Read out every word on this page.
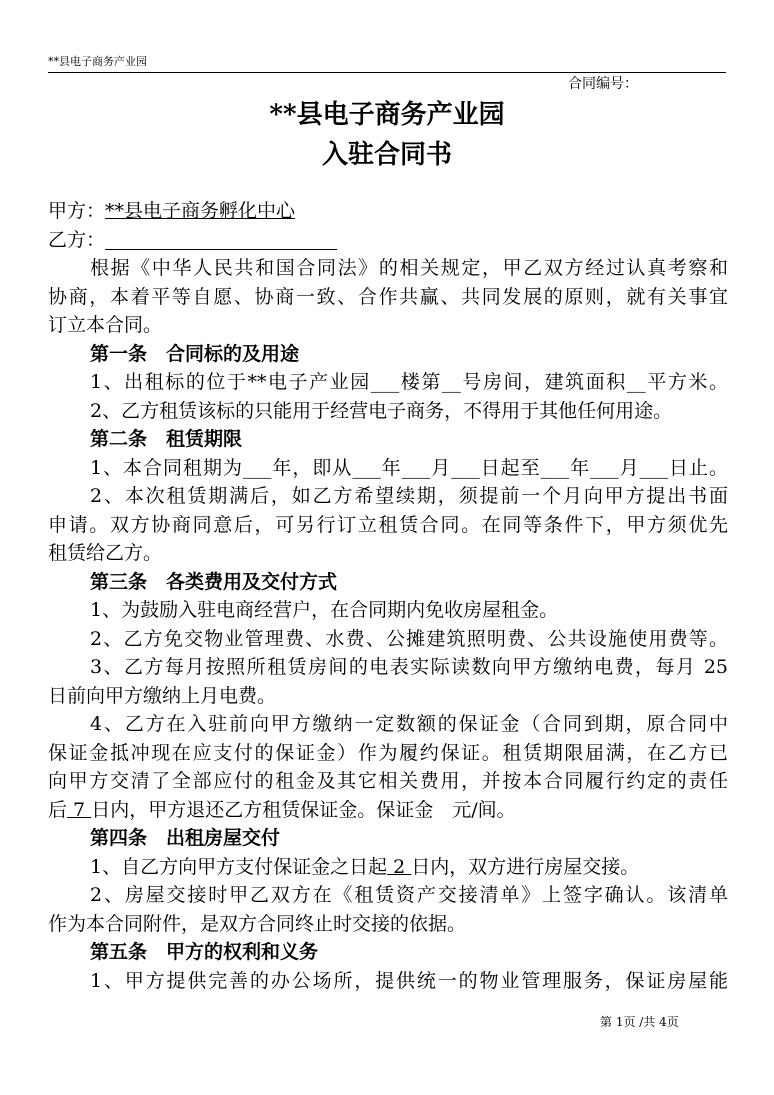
**县电子商务产业园
合同编号：
**县电子商务产业园
入驻合同书
甲方：**县电子商务孵化中心
乙方：
根据《中华人民共和国合同法》的相关规定，甲乙双方经过认真考察和
协商，本着平等自愿、协商一致、合作共赢、共同发展的原则，就有关事宜
订立本合同。
第一条　合同标的及用途
1、出租标的位于**电子产业园___楼第__号房间，建筑面积__平方米。
2、乙方租赁该标的只能用于经营电子商务，不得用于其他任何用途。
第二条　租赁期限
1、本合同租期为___年，即从___年___月___日起至___年___月___日止。
2、本次租赁期满后，如乙方希望续期，须提前一个月向甲方提出书面
申请。双方协商同意后，可另行订立租赁合同。在同等条件下，甲方须优先
租赁给乙方。
第三条　各类费用及交付方式
1、为鼓励入驻电商经营户，在合同期内免收房屋租金。
2、乙方免交物业管理费、水费、公摊建筑照明费、公共设施使用费等。
3、乙方每月按照所租赁房间的电表实际读数向甲方缴纳电费，每月 25
日前向甲方缴纳上月电费。
4、乙方在入驻前向甲方缴纳一定数额的保证金（合同到期，原合同中
保证金抵冲现在应支付的保证金）作为履约保证。租赁期限届满，在乙方已
向甲方交清了全部应付的租金及其它相关费用，并按本合同履行约定的责任
后 7 日内，甲方退还乙方租赁保证金。保证金　元/间。
第四条　出租房屋交付
1、自乙方向甲方支付保证金之日起 2 日内，双方进行房屋交接。
2、房屋交接时甲乙双方在《租赁资产交接清单》上签字确认。该清单
作为本合同附件，是双方合同终止时交接的依据。
第五条　甲方的权利和义务
1、甲方提供完善的办公场所，提供统一的物业管理服务，保证房屋能
第 1页 /共 4页
